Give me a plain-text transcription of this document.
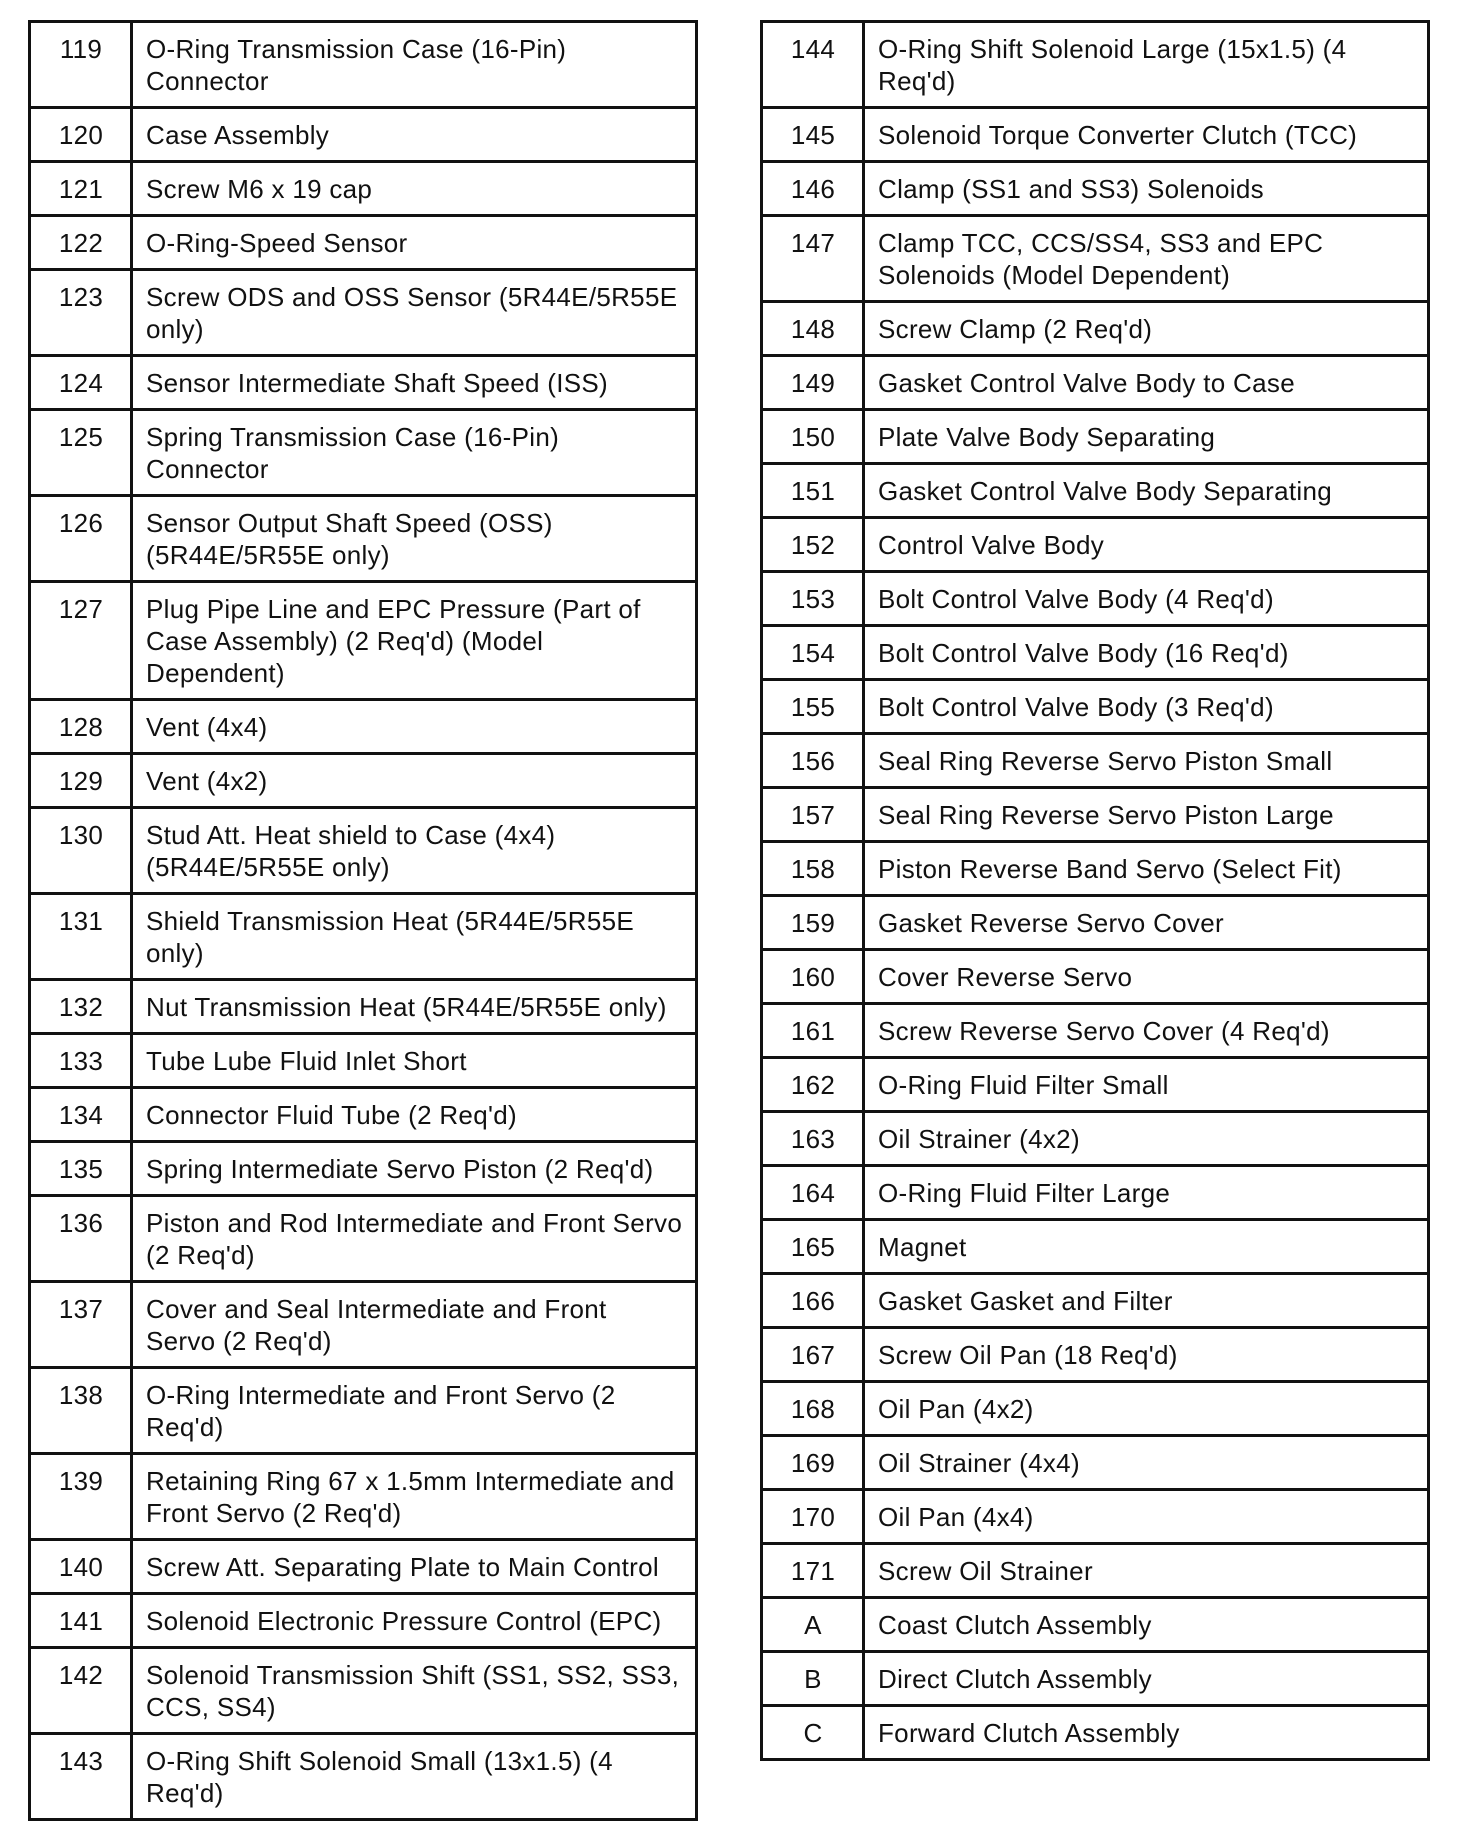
119	O-Ring Transmission Case (16-Pin) Connector
120	Case Assembly
121	Screw M6 x 19 cap
122	O-Ring-Speed Sensor
123	Screw ODS and OSS Sensor (5R44E/5R55E only)
124	Sensor Intermediate Shaft Speed (ISS)
125	Spring Transmission Case (16-Pin) Connector
126	Sensor Output Shaft Speed (OSS) (5R44E/5R55E only)
127	Plug Pipe Line and EPC Pressure (Part of Case Assembly) (2 Req'd) (Model Dependent)
128	Vent (4x4)
129	Vent (4x2)
130	Stud Att. Heat shield to Case (4x4) (5R44E/5R55E only)
131	Shield Transmission Heat (5R44E/5R55E only)
132	Nut Transmission Heat (5R44E/5R55E only)
133	Tube Lube Fluid Inlet Short
134	Connector Fluid Tube (2 Req'd)
135	Spring Intermediate Servo Piston (2 Req'd)
136	Piston and Rod Intermediate and Front Servo (2 Req'd)
137	Cover and Seal Intermediate and Front Servo (2 Req'd)
138	O-Ring Intermediate and Front Servo (2 Req'd)
139	Retaining Ring 67 x 1.5mm Intermediate and Front Servo (2 Req'd)
140	Screw Att. Separating Plate to Main Control
141	Solenoid Electronic Pressure Control (EPC)
142	Solenoid Transmission Shift (SS1, SS2, SS3, CCS, SS4)
143	O-Ring Shift Solenoid Small (13x1.5) (4 Req'd)
144	O-Ring Shift Solenoid Large (15x1.5) (4 Req'd)
145	Solenoid Torque Converter Clutch (TCC)
146	Clamp (SS1 and SS3) Solenoids
147	Clamp TCC, CCS/SS4, SS3 and EPC Solenoids (Model Dependent)
148	Screw Clamp (2 Req'd)
149	Gasket Control Valve Body to Case
150	Plate Valve Body Separating
151	Gasket Control Valve Body Separating
152	Control Valve Body
153	Bolt Control Valve Body (4 Req'd)
154	Bolt Control Valve Body (16 Req'd)
155	Bolt Control Valve Body (3 Req'd)
156	Seal Ring Reverse Servo Piston Small
157	Seal Ring Reverse Servo Piston Large
158	Piston Reverse Band Servo (Select Fit)
159	Gasket Reverse Servo Cover
160	Cover Reverse Servo
161	Screw Reverse Servo Cover (4 Req'd)
162	O-Ring Fluid Filter Small
163	Oil Strainer (4x2)
164	O-Ring Fluid Filter Large
165	Magnet
166	Gasket Gasket and Filter
167	Screw Oil Pan (18 Req'd)
168	Oil Pan (4x2)
169	Oil Strainer (4x4)
170	Oil Pan (4x4)
171	Screw Oil Strainer
A	Coast Clutch Assembly
B	Direct Clutch Assembly
C	Forward Clutch Assembly
